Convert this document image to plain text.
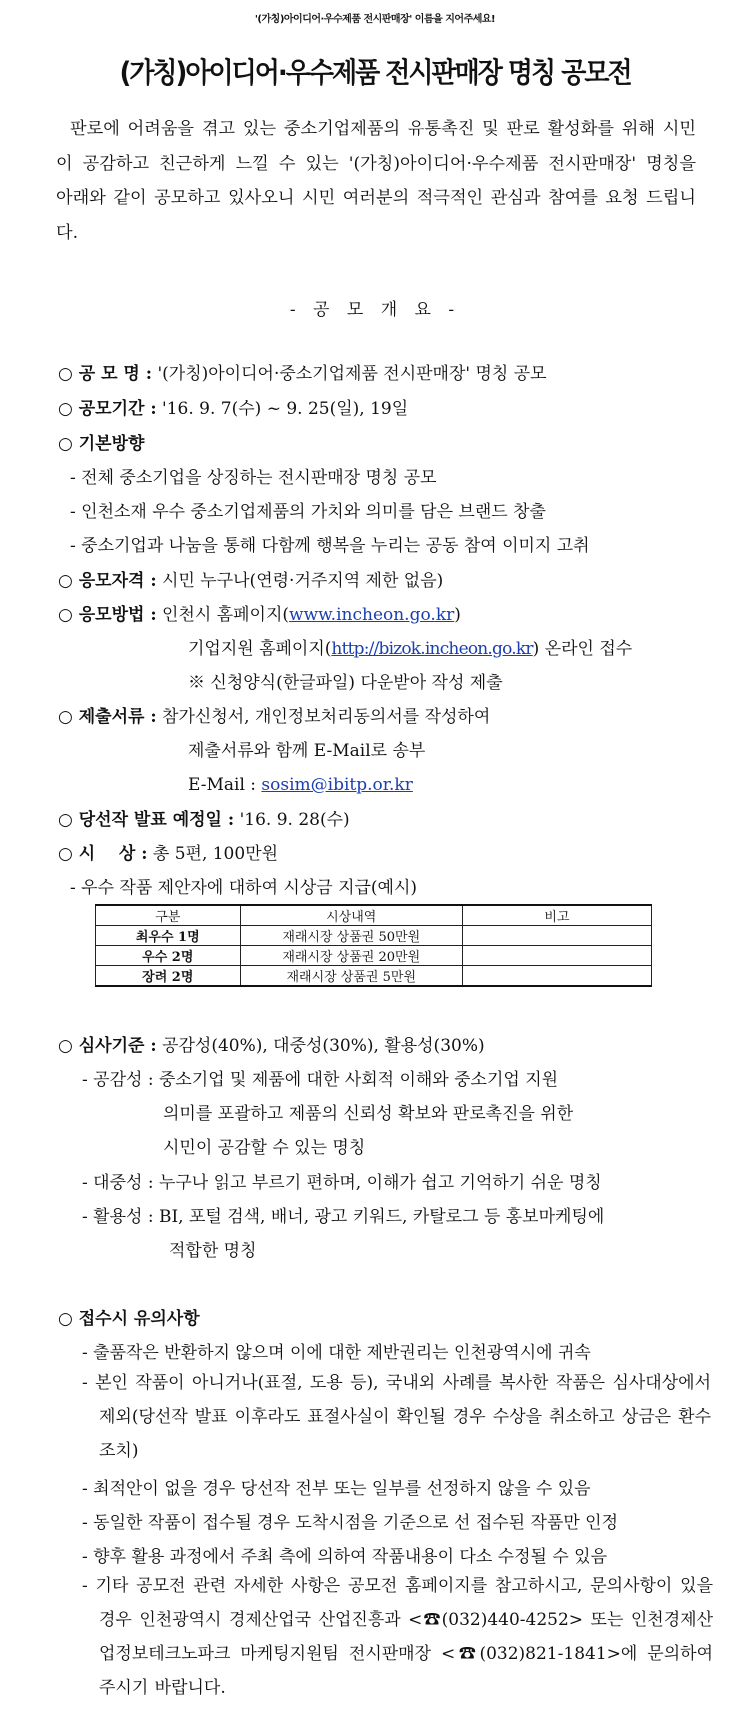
'(가칭)아이디어·우수제품 전시판매장' 이름을 지어주세요!
(가칭)아이디어·우수제품 전시판매장 명칭 공모전
판로에 어려움을 겪고 있는 중소기업제품의 유통촉진 및 판로 활성화를 위해 시민이 공감하고 친근하게 느낄 수 있는 '(가칭)아이디어·우수제품 전시판매장' 명칭을 아래와 같이 공모하고 있사오니 시민 여러분의 적극적인 관심과 참여를 요청 드립니다.
- 공 모 개 요 -
○ 공 모 명 : '(가칭)아이디어·중소기업제품 전시판매장' 명칭 공모
○ 공모기간 : '16. 9. 7(수) ~ 9. 25(일), 19일
○ 기본방향
- 전체 중소기업을 상징하는 전시판매장 명칭 공모
- 인천소재 우수 중소기업제품의 가치와 의미를 담은 브랜드 창출
- 중소기업과 나눔을 통해 다함께 행복을 누리는 공동 참여 이미지 고취
○ 응모자격 : 시민 누구나(연령·거주지역 제한 없음)
○ 응모방법 : 인천시 홈페이지(www.incheon.go.kr)
기업지원 홈페이지(http://bizok.incheon.go.kr) 온라인 접수
※ 신청양식(한글파일) 다운받아 작성 제출
○ 제출서류 : 참가신청서, 개인정보처리동의서를 작성하여
제출서류와 함께 E-Mail로 송부
E-Mail : sosim@ibitp.or.kr
○ 당선작 발표 예정일 : '16. 9. 28(수)
○ 시    상 : 총 5편, 100만원
- 우수 작품 제안자에 대하여 시상금 지급(예시)
구분	시상내역	비고
최우수 1명	재래시장 상품권 50만원	
우수 2명	재래시장 상품권 20만원	
장려 2명	재래시장 상품권 5만원	
○ 심사기준 : 공감성(40%), 대중성(30%), 활용성(30%)
- 공감성 : 중소기업 및 제품에 대한 사회적 이해와 중소기업 지원
의미를 포괄하고 제품의 신뢰성 확보와 판로촉진을 위한
시민이 공감할 수 있는 명칭
- 대중성 : 누구나 읽고 부르기 편하며, 이해가 쉽고 기억하기 쉬운 명칭
- 활용성 : BI, 포털 검색, 배너, 광고 키워드, 카탈로그 등 홍보마케팅에
적합한 명칭
○ 접수시 유의사항
- 출품작은 반환하지 않으며 이에 대한 제반권리는 인천광역시에 귀속
- 본인 작품이 아니거나(표절, 도용 등), 국내외 사례를 복사한 작품은 심사대상에서 제외(당선작 발표 이후라도 표절사실이 확인될 경우 수상을 취소하고 상금은 환수 조치)
- 최적안이 없을 경우 당선작 전부 또는 일부를 선정하지 않을 수 있음
- 동일한 작품이 접수될 경우 도착시점을 기준으로 선 접수된 작품만 인정
- 향후 활용 과정에서 주최 측에 의하여 작품내용이 다소 수정될 수 있음
- 기타 공모전 관련 자세한 사항은 공모전 홈페이지를 참고하시고, 문의사항이 있을 경우 인천광역시 경제산업국 산업진흥과 <☎(032)440-4252> 또는 인천경제산업정보테크노파크 마케팅지원팀 전시판매장 <☎(032)821-1841>에 문의하여 주시기 바랍니다.
